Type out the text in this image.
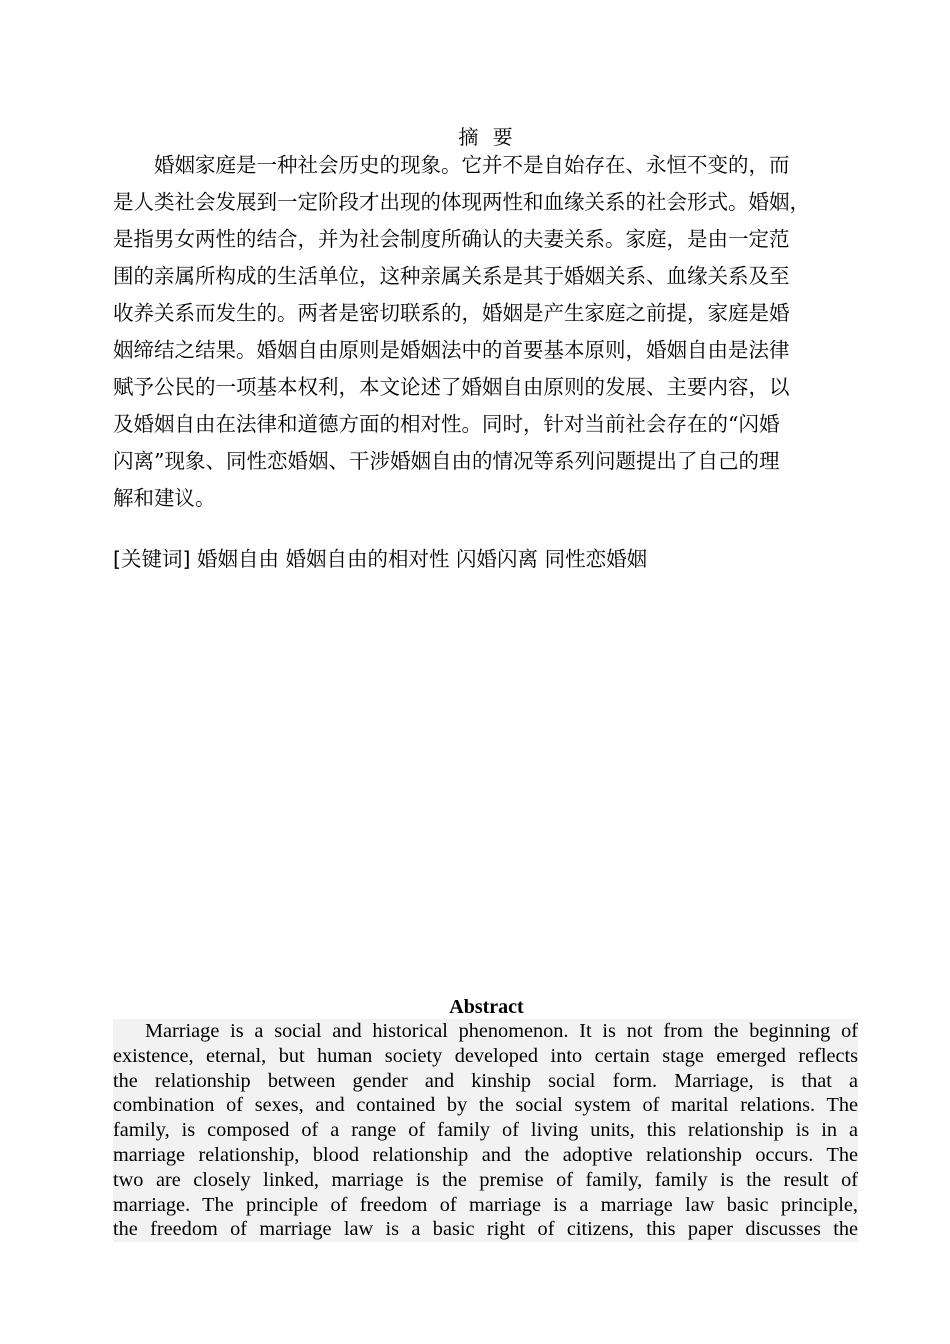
摘 要
　　婚姻家庭是一种社会历史的现象。它并不是自始存在、永恒不变的，而
是人类社会发展到一定阶段才出现的体现两性和血缘关系的社会形式。婚姻，
是指男女两性的结合，并为社会制度所确认的夫妻关系。家庭，是由一定范
围的亲属所构成的生活单位，这种亲属关系是其于婚姻关系、血缘关系及至
收养关系而发生的。两者是密切联系的，婚姻是产生家庭之前提，家庭是婚
姻缔结之结果。婚姻自由原则是婚姻法中的首要基本原则，婚姻自由是法律
赋予公民的一项基本权利，本文论述了婚姻自由原则的发展、主要内容，以
及婚姻自由在法律和道德方面的相对性。同时，针对当前社会存在的“闪婚
闪离”现象、同性恋婚姻、干涉婚姻自由的情况等系列问题提出了自己的理
解和建议。
[关键词] 婚姻自由 婚姻自由的相对性 闪婚闪离 同性恋婚姻
Abstract
Marriage is a social and historical phenomenon. It is not from the beginning of
existence, eternal, but human society developed into certain stage emerged reflects
the relationship between gender and kinship social form. Marriage, is that a
combination of sexes, and contained by the social system of marital relations. The
family, is composed of a range of family of living units, this relationship is in a
marriage relationship, blood relationship and the adoptive relationship occurs. The
two are closely linked, marriage is the premise of family, family is the result of
marriage. The principle of freedom of marriage is a marriage law basic principle,
the freedom of marriage law is a basic right of citizens, this paper discusses the
